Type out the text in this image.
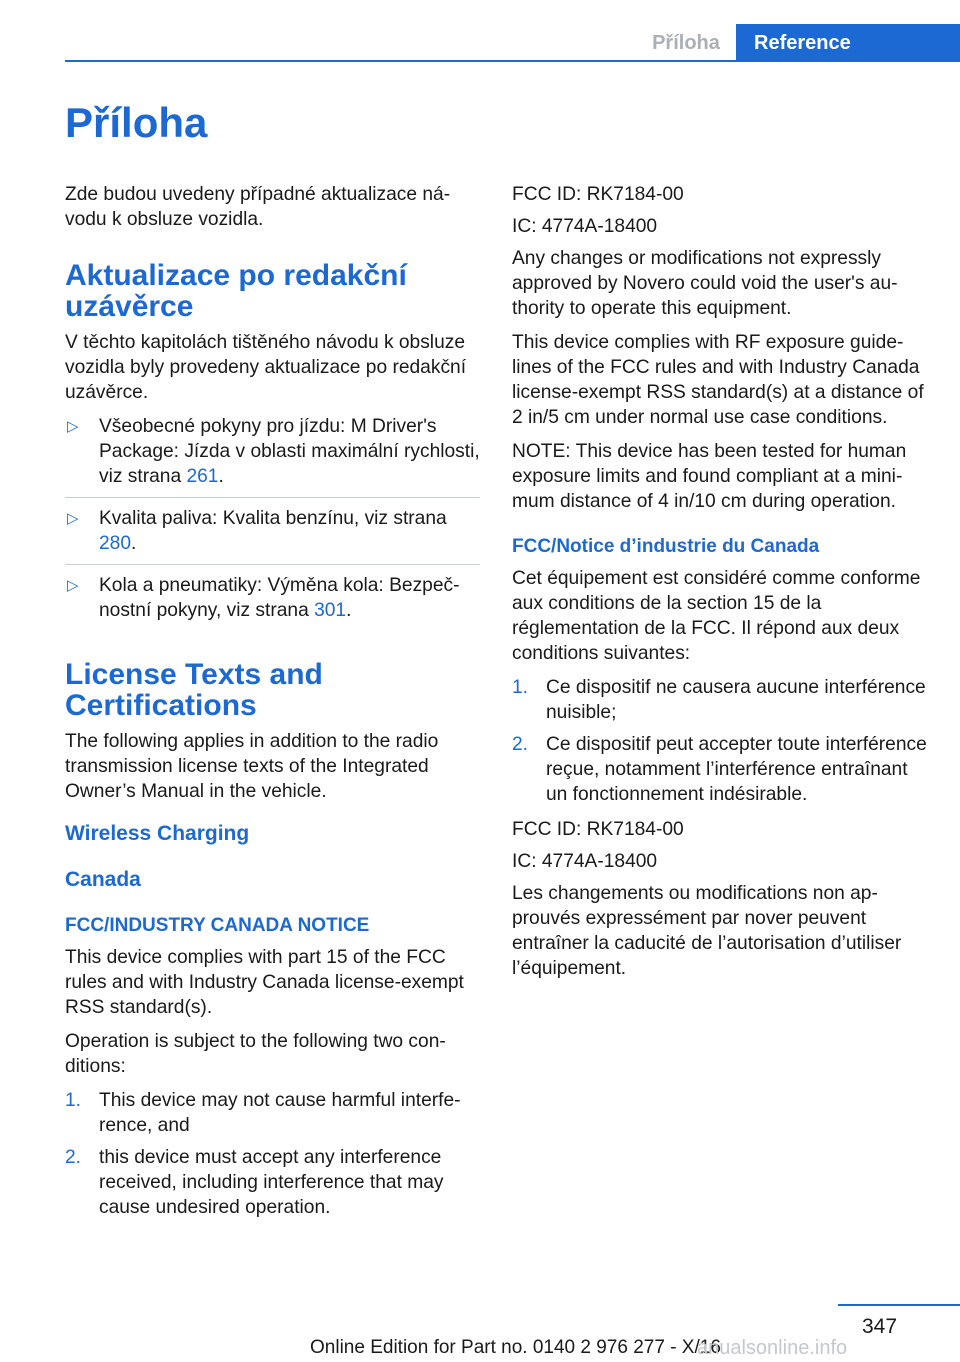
Příloha	Reference
Příloha

Zde budou uvedeny případné aktualizace návodu k obsluze vozidla.

Aktualizace po redakční uzávěrce

V těchto kapitolách tištěného návodu k obsluze vozidla byly provedeny aktualizace po redakční uzávěrce.

▷ Všeobecné pokyny pro jízdu: M Driver's Package: Jízda v oblasti maximální rychlosti, viz strana 261.
▷ Kvalita paliva: Kvalita benzínu, viz strana 280.
▷ Kola a pneumatiky: Výměna kola: Bezpečnostní pokyny, viz strana 301.
License Texts and Certifications

The following applies in addition to the radio transmission license texts of the Integrated Owner’s Manual in the vehicle.

Wireless Charging
Canada
FCC/INDUSTRY CANADA NOTICE

This device complies with part 15 of the FCC rules and with Industry Canada license-exempt RSS standard(s).

Operation is subject to the following two conditions:

1. This device may not cause harmful interference, and
2. this device must accept any interference received, including interference that may cause undesired operation.

FCC ID: RK7184-00

IC: 4774A-18400

Any changes or modifications not expressly approved by Novero could void the user's authority to operate this equipment.

This device complies with RF exposure guidelines of the FCC rules and with Industry Canada license-exempt RSS standard(s) at a distance of 2 in/5 cm under normal use case conditions.

NOTE: This device has been tested for human exposure limits and found compliant at a minimum distance of 4 in/10 cm during operation.

FCC/Notice d’industrie du Canada

Cet équipement est considéré comme conforme aux conditions de la section 15 de la réglementation de la FCC. Il répond aux deux conditions suivantes:

1. Ce dispositif ne causera aucune interférence nuisible;
2. Ce dispositif peut accepter toute interférence reçue, notamment l’interférence entraînant un fonctionnement indésirable.

FCC ID: RK7184-00

IC: 4774A-18400

Les changements ou modifications non approuvés expressément par nover peuvent entraîner la caducité de l’autorisation d’utiliser l’équipement.

347
Online Edition for Part no. 0140 2 976 277 - X/16
anualsonline.info
